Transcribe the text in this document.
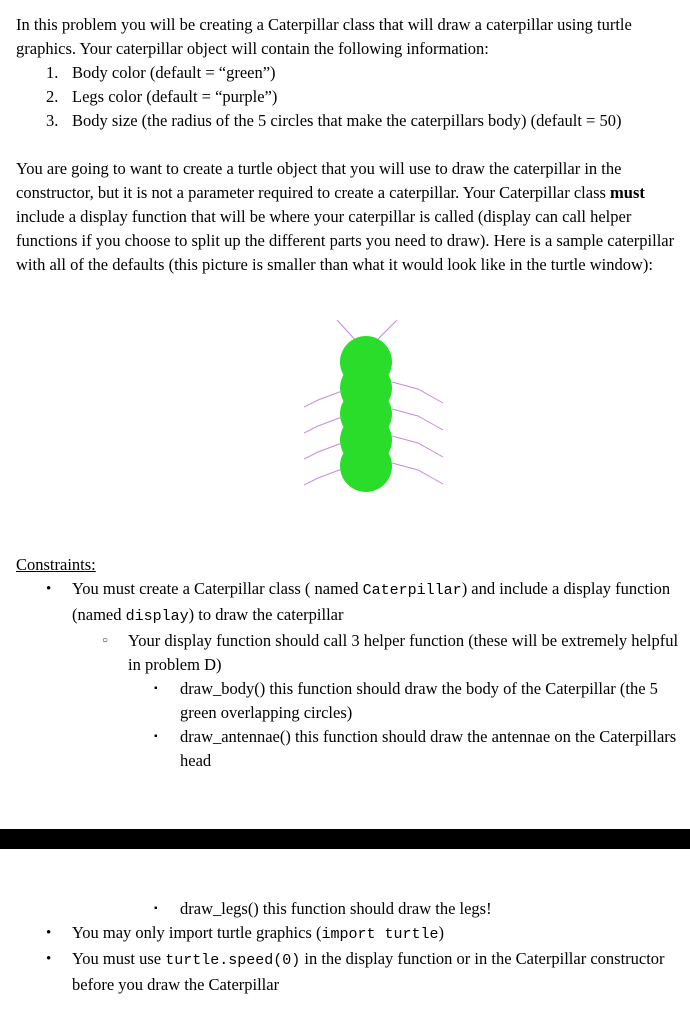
In this problem you will be creating a Caterpillar class that will draw a caterpillar using turtle graphics. Your caterpillar object will contain the following information:

1. Body color (default = “green”)
2. Legs color (default = “purple”)
3. Body size (the radius of the 5 circles that make the caterpillars body) (default = 50)

You are going to want to create a turtle object that you will use to draw the caterpillar in the constructor, but it is not a parameter required to create a caterpillar. Your Caterpillar class must include a display function that will be where your caterpillar is called (display can call helper functions if you choose to split up the different parts you need to draw). Here is a sample caterpillar with all of the defaults (this picture is smaller than what it would look like in the turtle window):

Constraints:

•	You must create a Caterpillar class ( named Caterpillar) and include a display function (named display) to draw the caterpillar
○	Your display function should call 3 helper function (these will be extremely helpful in problem D)
▪	draw_body() this function should draw the body of the Caterpillar (the 5 green overlapping circles)
▪	draw_antennae() this function should draw the antennae on the Caterpillars head
▪	draw_legs() this function should draw the legs!
•	You may only import turtle graphics (import turtle)
•	You must use turtle.speed(0) in the display function or in the Caterpillar constructor before you draw the Caterpillar
